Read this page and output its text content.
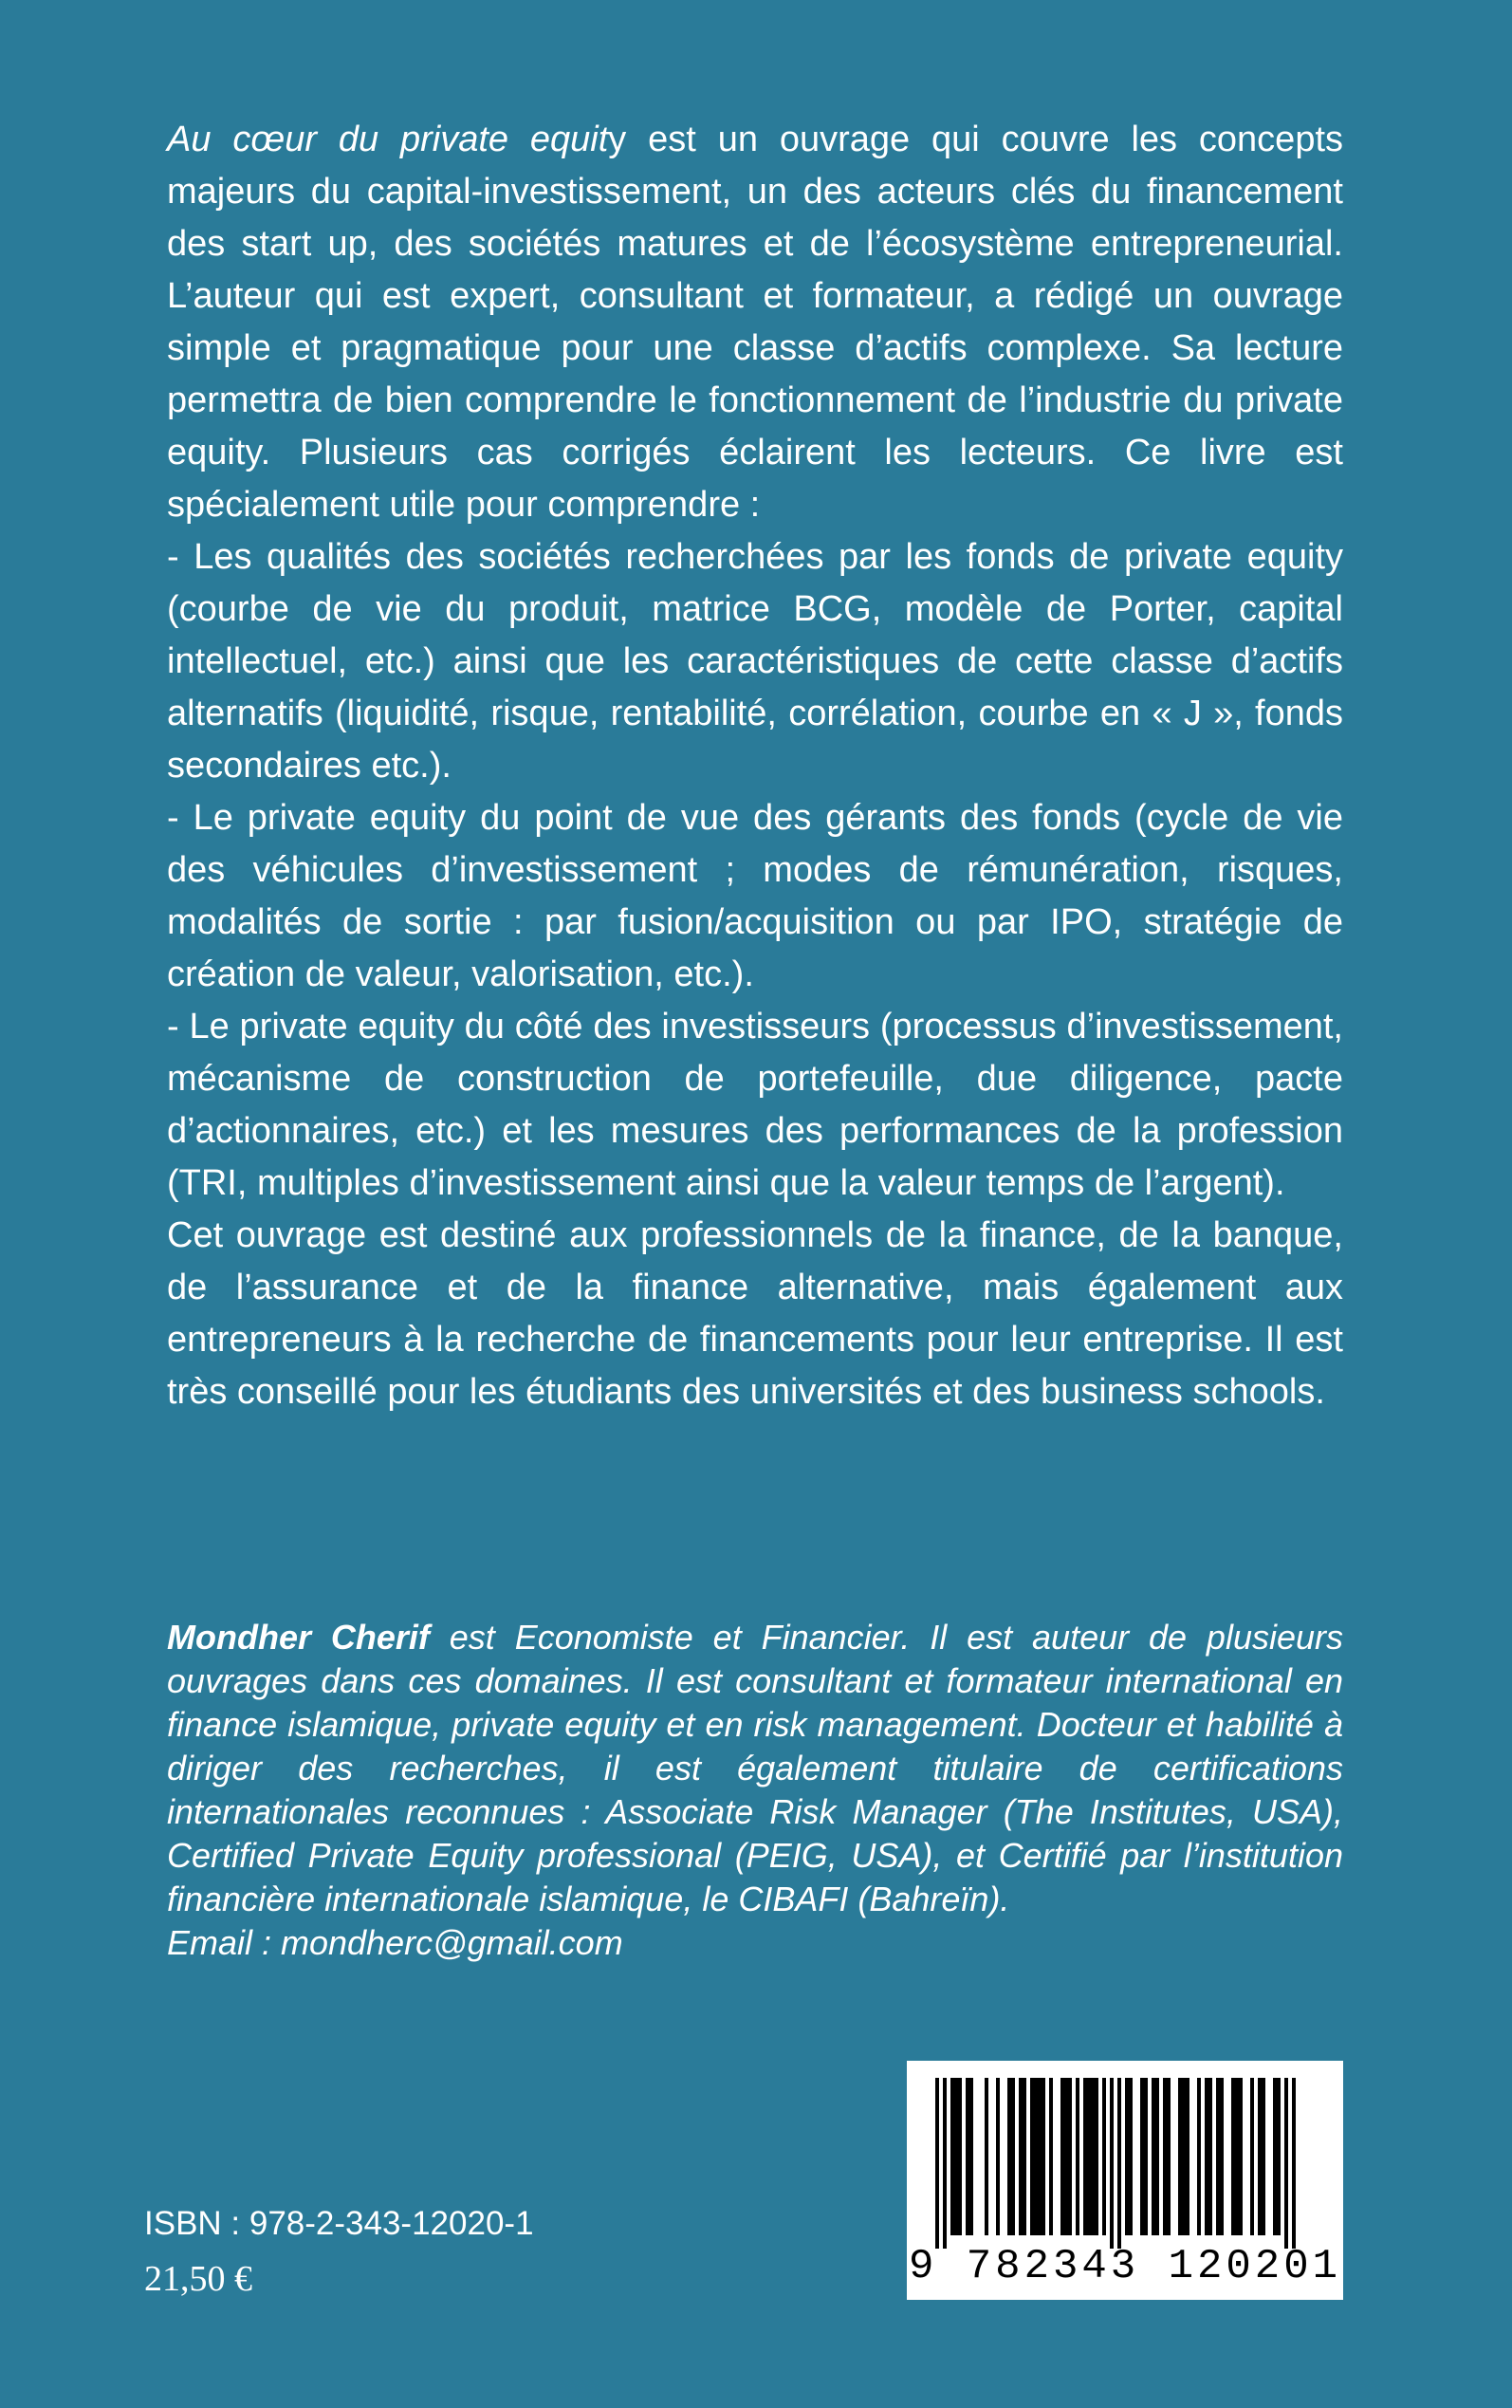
Au cœur du private equity est un ouvrage qui couvre les concepts majeurs du capital-investissement, un des acteurs clés du financement des start up, des sociétés matures et de l’écosystème entrepreneurial. L’auteur qui est expert, consultant et formateur, a rédigé un ouvrage simple et pragmatique pour une classe d’actifs complexe. Sa lecture permettra de bien comprendre le fonctionnement de l’industrie du private equity. Plusieurs cas corrigés éclairent les lecteurs. Ce livre est spécialement utile pour comprendre :

- Les qualités des sociétés recherchées par les fonds de private equity (courbe de vie du produit, matrice BCG, modèle de Porter, capital intellectuel, etc.) ainsi que les caractéristiques de cette classe d’actifs alternatifs (liquidité, risque, rentabilité, corrélation, courbe en « J », fonds secondaires etc.).

- Le private equity du point de vue des gérants des fonds (cycle de vie des véhicules d’investissement ; modes de rémunération, risques, modalités de sortie : par fusion/acquisition ou par IPO, stratégie de création de valeur, valorisation, etc.).

- Le private equity du côté des investisseurs (processus d’investissement, mécanisme de construction de portefeuille, due diligence, pacte d’actionnaires, etc.) et les mesures des performances de la profession (TRI, multiples d’investissement ainsi que la valeur temps de l’argent).

Cet ouvrage est destiné aux professionnels de la finance, de la banque, de l’assurance et de la finance alternative, mais également aux entrepreneurs à la recherche de financements pour leur entreprise. Il est très conseillé pour les étudiants des universités et des business schools.

Mondher Cherif est Economiste et Financier. Il est auteur de plusieurs ouvrages dans ces domaines. Il est consultant et formateur international en finance islamique, private equity et en risk management. Docteur et habilité à diriger des recherches, il est également titulaire de certifications internationales reconnues : Associate Risk Manager (The Institutes, USA), Certified Private Equity professional (PEIG, USA), et Certifié par l’institution financière internationale islamique, le CIBAFI (Bahreïn).

Email : mondherc@gmail.com

ISBN : 978-2-343-12020-1
21,50 €	9 782343 120201
